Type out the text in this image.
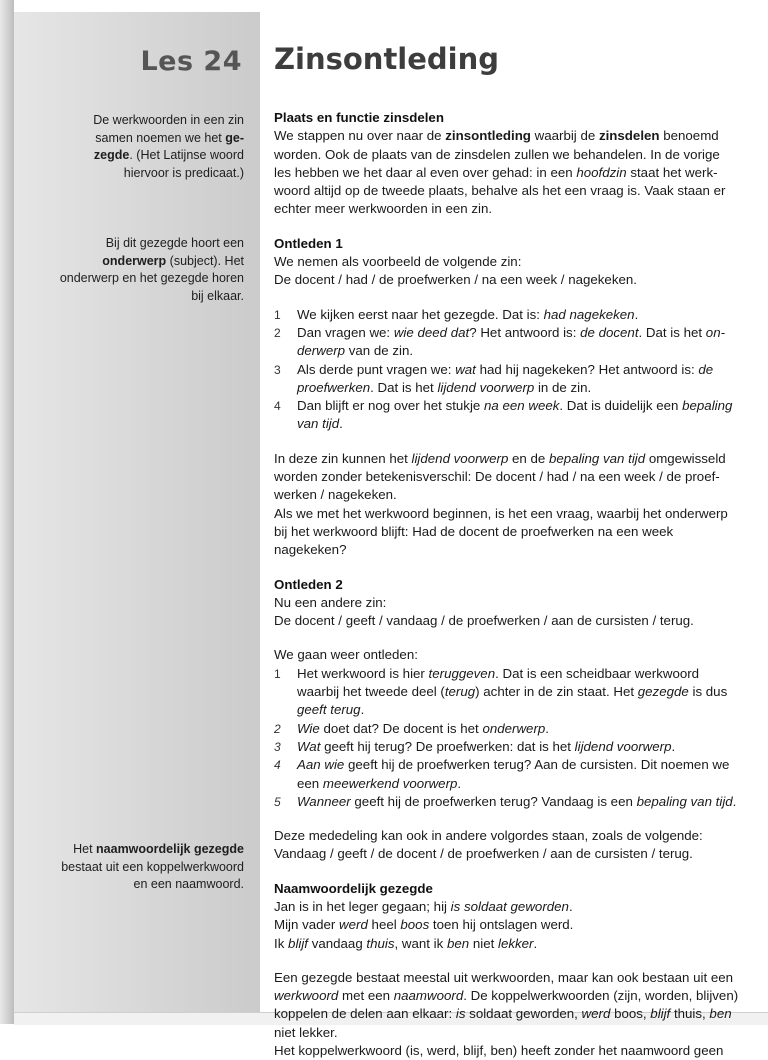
Les 24 Zinsontleding
De werkwoorden in een zin samen noemen we het ge- zegde. (Het Latijnse woord hiervoor is predicaat.)
Bij dit gezegde hoort een onderwerp (subject). Het onderwerp en het gezegde horen bij elkaar.
Het naamwoordelijk gezegde bestaat uit een koppelwerkwoord en een naamwoord.

Plaats en functie zinsdelen

We stappen nu over naar de zinsontleding waarbij de zinsdelen benoemd worden. Ook de plaats van de zinsdelen zullen we behandelen. In de vorige les hebben we het daar al even over gehad: in een hoofdzin staat het werk- woord altijd op de tweede plaats, behalve als het een vraag is. Vaak staan er echter meer werkwoorden in een zin.

Ontleden 1

We nemen als voorbeeld de volgende zin:

De docent / had / de proefwerken / na een week / nagekeken.

1 We kijken eerst naar het gezegde. Dat is: had nagekeken.
2 Dan vragen we: wie deed dat? Het antwoord is: de docent. Dat is het on- derwerp van de zin.
3 Als derde punt vragen we: wat had hij nagekeken? Het antwoord is: de proefwerken. Dat is het lijdend voorwerp in de zin.
4 Dan blijft er nog over het stukje na een week. Dat is duidelijk een bepaling van tijd.

In deze zin kunnen het lijdend voorwerp en de bepaling van tijd omgewisseld worden zonder betekenisverschil: De docent / had / na een week / de proef- werken / nagekeken.

Als we met het werkwoord beginnen, is het een vraag, waarbij het onderwerp bij het werkwoord blijft: Had de docent de proefwerken na een week nagekeken?

Ontleden 2

Nu een andere zin:

De docent / geeft / vandaag / de proefwerken / aan de cursisten / terug.

We gaan weer ontleden:

1 Het werkwoord is hier teruggeven. Dat is een scheidbaar werkwoord waarbij het tweede deel (terug) achter in de zin staat. Het gezegde is dus geeft terug.
2 Wie doet dat? De docent is het onderwerp.
3 Wat geeft hij terug? De proefwerken: dat is het lijdend voorwerp.
4 Aan wie geeft hij de proefwerken terug? Aan de cursisten. Dit noemen we een meewerkend voorwerp.
5 Wanneer geeft hij de proefwerken terug? Vandaag is een bepaling van tijd.

Deze mededeling kan ook in andere volgordes staan, zoals de volgende: Vandaag / geeft / de docent / de proefwerken / aan de cursisten / terug.

Naamwoordelijk gezegde

Jan is in het leger gegaan; hij is soldaat geworden.

Mijn vader werd heel boos toen hij ontslagen werd.

Ik blijf vandaag thuis, want ik ben niet lekker.

Een gezegde bestaat meestal uit werkwoorden, maar kan ook bestaan uit een werkwoord met een naamwoord. De koppelwerkwoorden (zijn, worden, blijven) koppelen de delen aan elkaar: is soldaat geworden, werd boos, blijf thuis, ben niet lekker.

Het koppelwerkwoord (is, werd, blijf, ben) heeft zonder het naamwoord geen
